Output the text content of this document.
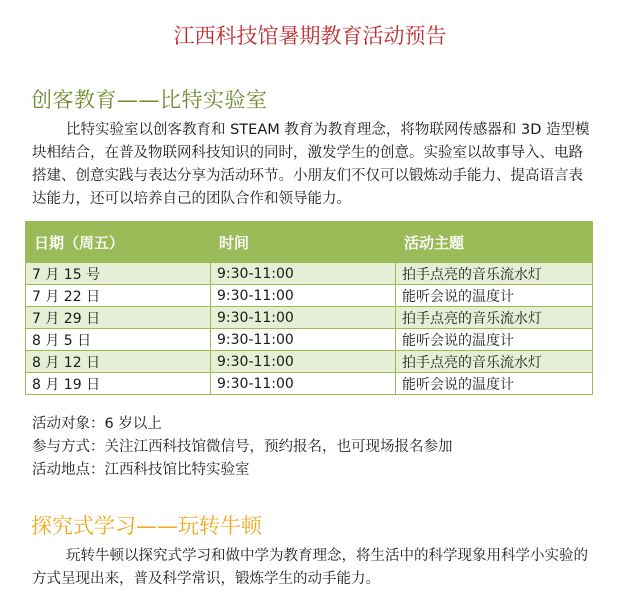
江西科技馆暑期教育活动预告
创客教育——比特实验室
比特实验室以创客教育和 STEAM 教育为教育理念，将物联网传感器和 3D 造型模块相结合，在普及物联网科技知识的同时，激发学生的创意。实验室以故事导入、电路搭建、创意实践与表达分享为活动环节。小朋友们不仅可以锻炼动手能力、提高语言表达能力，还可以培养自己的团队合作和领导能力。
日期（周五）	时间	活动主题
7 月 15 号	9:30-11:00	拍手点亮的音乐流水灯
7 月 22 日	9:30-11:00	能听会说的温度计
7 月 29 日	9:30-11:00	拍手点亮的音乐流水灯
8 月 5 日	9:30-11:00	能听会说的温度计
8 月 12 日	9:30-11:00	拍手点亮的音乐流水灯
8 月 19 日	9:30-11:00	能听会说的温度计
活动对象：6 岁以上
参与方式：关注江西科技馆微信号，预约报名，也可现场报名参加
活动地点：江西科技馆比特实验室
探究式学习——玩转牛顿
玩转牛顿以探究式学习和做中学为教育理念，将生活中的科学现象用科学小实验的方式呈现出来，普及科学常识，锻炼学生的动手能力。
